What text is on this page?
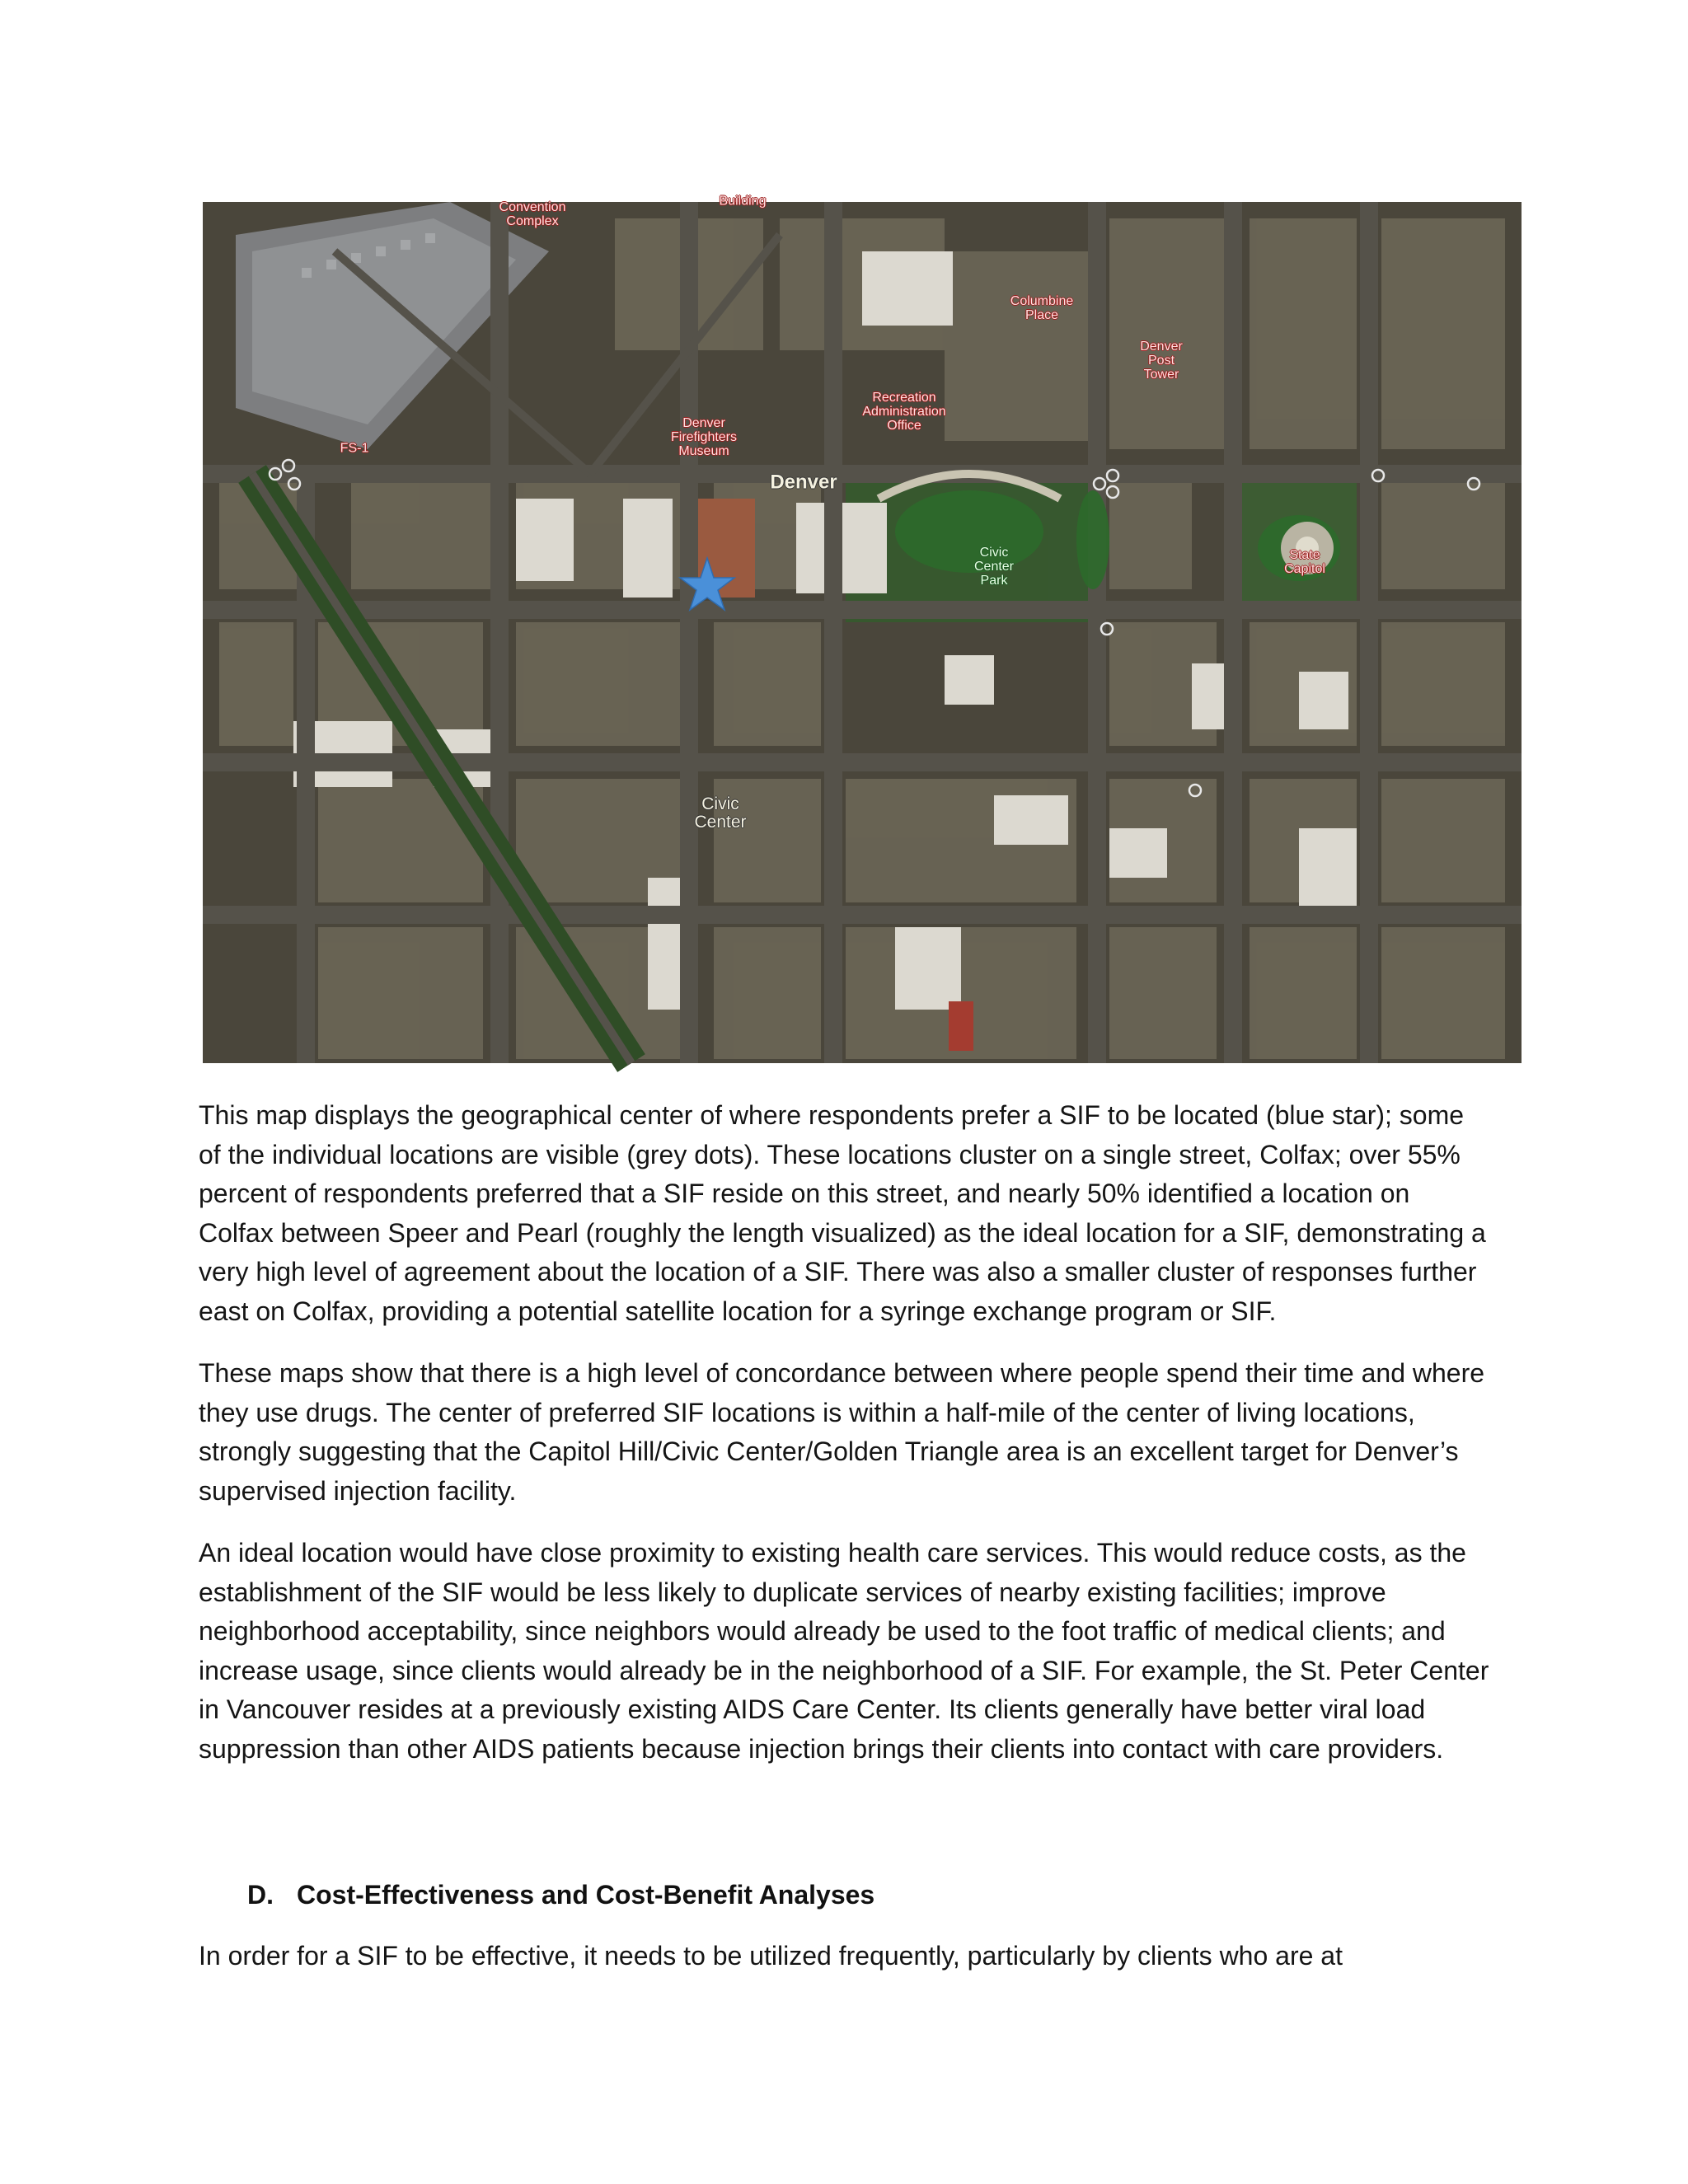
Convention
Complex
Building
Columbine
Place
Denver
Post
Tower
Recreation
Administration
Office
Denver
Firefighters
Museum
FS-1
Denver
Civic
Center
Park
State
Capitol
Civic
Center

This map displays the geographical center of where respondents prefer a SIF to be located (blue star); some of the individual locations are visible (grey dots). These locations cluster on a single street, Colfax; over 55% percent of respondents preferred that a SIF reside on this street, and nearly 50% identified a location on Colfax between Speer and Pearl (roughly the length visualized) as the ideal location for a SIF, demonstrating a very high level of agreement about the location of a SIF. There was also a smaller cluster of responses further east on Colfax, providing a potential satellite location for a syringe exchange program or SIF.

These maps show that there is a high level of concordance between where people spend their time and where they use drugs. The center of preferred SIF locations is within a half-mile of the center of living locations, strongly suggesting that the Capitol Hill/Civic Center/Golden Triangle area is an excellent target for Denver’s supervised injection facility.

An ideal location would have close proximity to existing health care services. This would reduce costs, as the establishment of the SIF would be less likely to duplicate services of nearby existing facilities; improve neighborhood acceptability, since neighbors would already be used to the foot traffic of medical clients; and increase usage, since clients would already be in the neighborhood of a SIF. For example, the St. Peter Center in Vancouver resides at a previously existing AIDS Care Center. Its clients generally have better viral load suppression than other AIDS patients because injection brings their clients into contact with care providers.

D. Cost-Effectiveness and Cost-Benefit Analyses

In order for a SIF to be effective, it needs to be utilized frequently, particularly by clients who are at
